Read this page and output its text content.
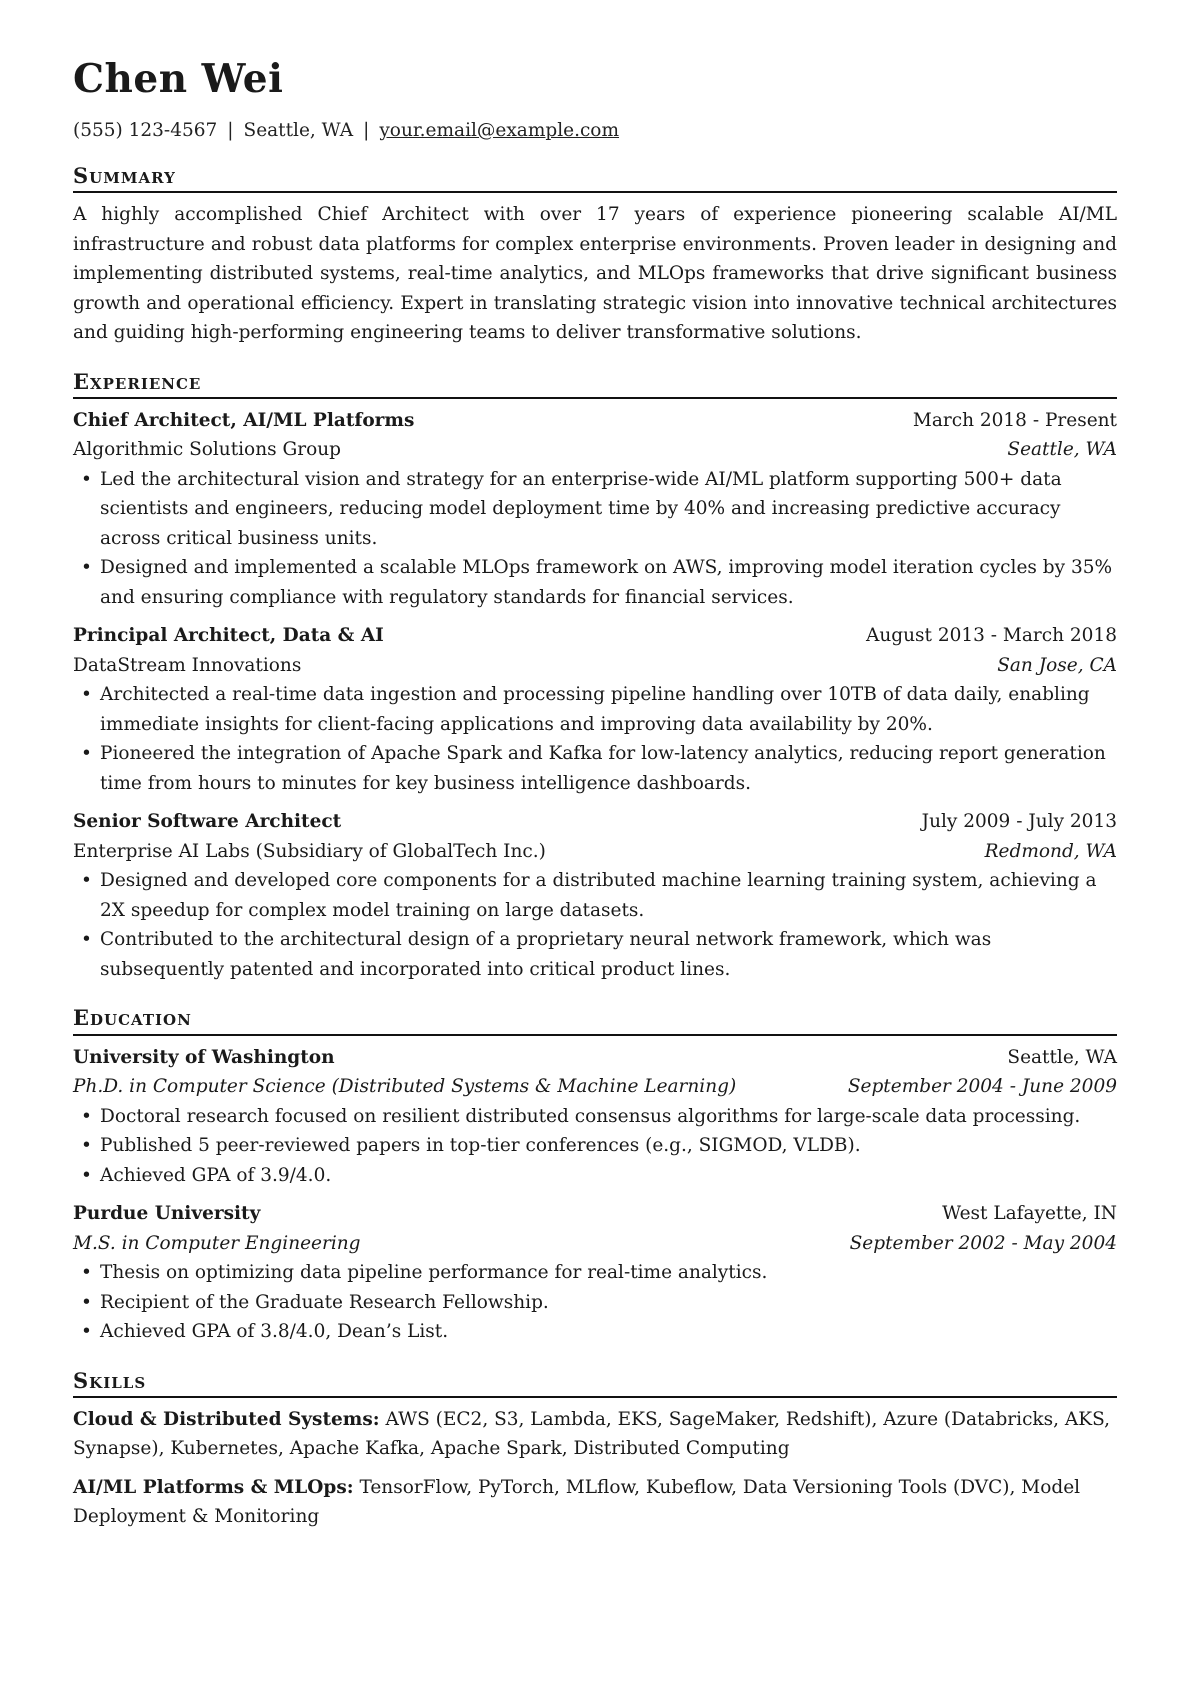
Chen Wei
(555) 123-4567 | Seattle, WA | your.email@example.com
Summary

A highly accomplished Chief Architect with over 17 years of experience pioneering scalable AI/ML infrastructure and robust data platforms for complex enterprise environments. Proven leader in designing and implementing distributed systems, real-time analytics, and MLOps frameworks that drive significant business growth and operational efficiency. Expert in translating strategic vision into innovative technical architectures and guiding high-performing engineering teams to deliver transformative solutions.

Experience
Chief Architect, AI/ML Platforms	March 2018 - Present
Algorithmic Solutions Group	Seattle, WA
• Led the architectural vision and strategy for an enterprise-wide AI/ML platform supporting 500+ data scientists and engineers, reducing model deployment time by 40% and increasing predictive accuracy across critical business units.
• Designed and implemented a scalable MLOps framework on AWS, improving model iteration cycles by 35% and ensuring compliance with regulatory standards for financial services.
Principal Architect, Data & AI	August 2013 - March 2018
DataStream Innovations	San Jose, CA
• Architected a real-time data ingestion and processing pipeline handling over 10TB of data daily, enabling immediate insights for client-facing applications and improving data availability by 20%.
• Pioneered the integration of Apache Spark and Kafka for low-latency analytics, reducing report generation time from hours to minutes for key business intelligence dashboards.
Senior Software Architect	July 2009 - July 2013
Enterprise AI Labs (Subsidiary of GlobalTech Inc.)	Redmond, WA
• Designed and developed core components for a distributed machine learning training system, achieving a 2X speedup for complex model training on large datasets.
• Contributed to the architectural design of a proprietary neural network framework, which was subsequently patented and incorporated into critical product lines.
Education
University of Washington	Seattle, WA
Ph.D. in Computer Science (Distributed Systems & Machine Learning)	September 2004 - June 2009
• Doctoral research focused on resilient distributed consensus algorithms for large-scale data processing.
• Published 5 peer-reviewed papers in top-tier conferences (e.g., SIGMOD, VLDB).
• Achieved GPA of 3.9/4.0.
Purdue University	West Lafayette, IN
M.S. in Computer Engineering	September 2002 - May 2004
• Thesis on optimizing data pipeline performance for real-time analytics.
• Recipient of the Graduate Research Fellowship.
• Achieved GPA of 3.8/4.0, Dean’s List.
Skills

Cloud & Distributed Systems: AWS (EC2, S3, Lambda, EKS, SageMaker, Redshift), Azure (Databricks, AKS, Synapse), Kubernetes, Apache Kafka, Apache Spark, Distributed Computing

AI/ML Platforms & MLOps: TensorFlow, PyTorch, MLflow, Kubeflow, Data Versioning Tools (DVC), Model Deployment & Monitoring
